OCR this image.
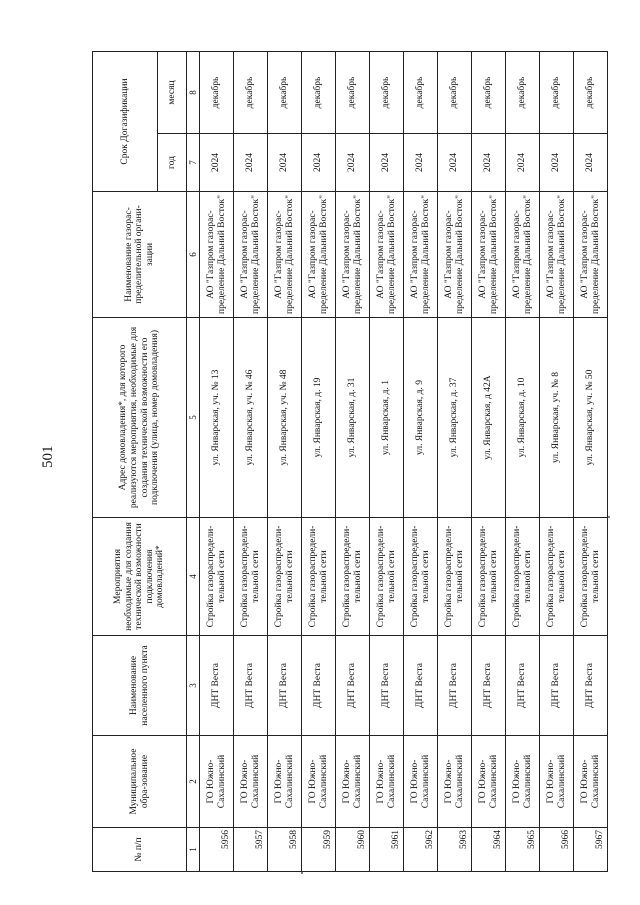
501
№ п/п	Муниципальное обра-зование	Наименование населенного пункта	Мероприятия необходимые для создания технической возможности подключения домовладений*	Адрес домовладения*, для которого реализуются мероприятия, необходимые для создания технической возможности его подключения (улица, номер домовладения)	Наименование газорас-пределительной органи-зации	Срок Догазификации	
						год	месяц
1	2	3	4	5	6	7	8
5956	ГО Южно-Сахалинский	ДНТ Веста	Стройка газораспредели-тельной сети	ул. Январская, уч. № 13	АО "Газпром газорас-пределение Дальний Восток"	2024	декабрь
5957	ГО Южно-Сахалинский	ДНТ Веста	Стройка газораспредели-тельной сети	ул. Январская, уч. № 46	АО "Газпром газорас-пределение Дальний Восток"	2024	декабрь
5958	ГО Южно-Сахалинский	ДНТ Веста	Стройка газораспредели-тельной сети	ул. Январская, уч. № 48	АО "Газпром газорас-пределение Дальний Восток"	2024	декабрь
5959	ГО Южно-Сахалинский	ДНТ Веста	Стройка газораспредели-тельной сети	ул. Январская, д. 19	АО "Газпром газорас-пределение Дальний Восток"	2024	декабрь
5960	ГО Южно-Сахалинский	ДНТ Веста	Стройка газораспредели-тельной сети	ул. Январская, д. 31	АО "Газпром газорас-пределение Дальний Восток"	2024	декабрь
5961	ГО Южно-Сахалинский	ДНТ Веста	Стройка газораспредели-тельной сети	ул. Январская, д. 1	АО "Газпром газорас-пределение Дальний Восток"	2024	декабрь
5962	ГО Южно-Сахалинский	ДНТ Веста	Стройка газораспредели-тельной сети	ул. Январская, д. 9	АО "Газпром газорас-пределение Дальний Восток"	2024	декабрь
5963	ГО Южно-Сахалинский	ДНТ Веста	Стройка газораспредели-тельной сети	ул. Январская, д. 37	АО "Газпром газорас-пределение Дальний Восток"	2024	декабрь
5964	ГО Южно-Сахалинский	ДНТ Веста	Стройка газораспредели-тельной сети	ул. Январская, д 42А	АО "Газпром газорас-пределение Дальний Восток"	2024	декабрь
5965	ГО Южно-Сахалинский	ДНТ Веста	Стройка газораспредели-тельной сети	ул. Январская, д. 10	АО "Газпром газорас-пределение Дальний Восток"	2024	декабрь
5966	ГО Южно-Сахалинский	ДНТ Веста	Стройка газораспредели-тельной сети	ул. Январская, уч. № 8	АО "Газпром газорас-пределение Дальний Восток"	2024	декабрь
5967	ГО Южно-Сахалинский	ДНТ Веста	Стройка газораспредели-тельной сети	ул. Январская, уч. № 50	АО "Газпром газорас-пределение Дальний Восток"	2024	декабрь
